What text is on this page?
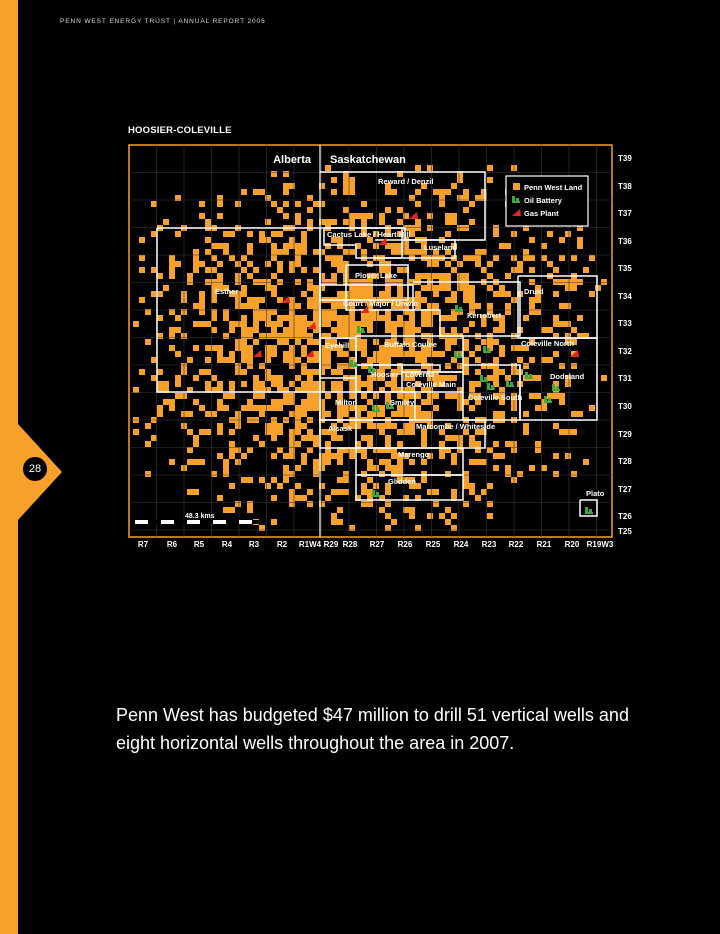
28
PENN WEST ENERGY TRUST | ANNUAL REPORT 2006
HOOSIER-COLEVILLE
Alberta Saskatchewan
Reward / Denzil
Cactus Lake / Heart Hill
Luseland
Plover Lake
Esther
Court / Major / Unwin
Kerrobert
Druid
Buffalo Coulee
Eyehill
Hoosier / Loverna
Coleville Main
Coleville North
Dodsland
Coleville South
Smiley
Milton
Alsask	Marcombe / Whiteside
Marengo
Glidden
Plato
T39
T38
T37
T36
T35
T34
T33
T32
T31
T30
T29
T28
T27
T26
T25
R7 R6 R5 R4 R3 R2 R1W4 R29 R28 R27 R26 R25 R24 R23 R22 R21 R20 R19W3
Penn West Land
Oil Battery
Gas Plant
48.3 kms
Penn West has budgeted $47 million to drill 51 vertical wells and eight horizontal wells throughout the area in 2007.
